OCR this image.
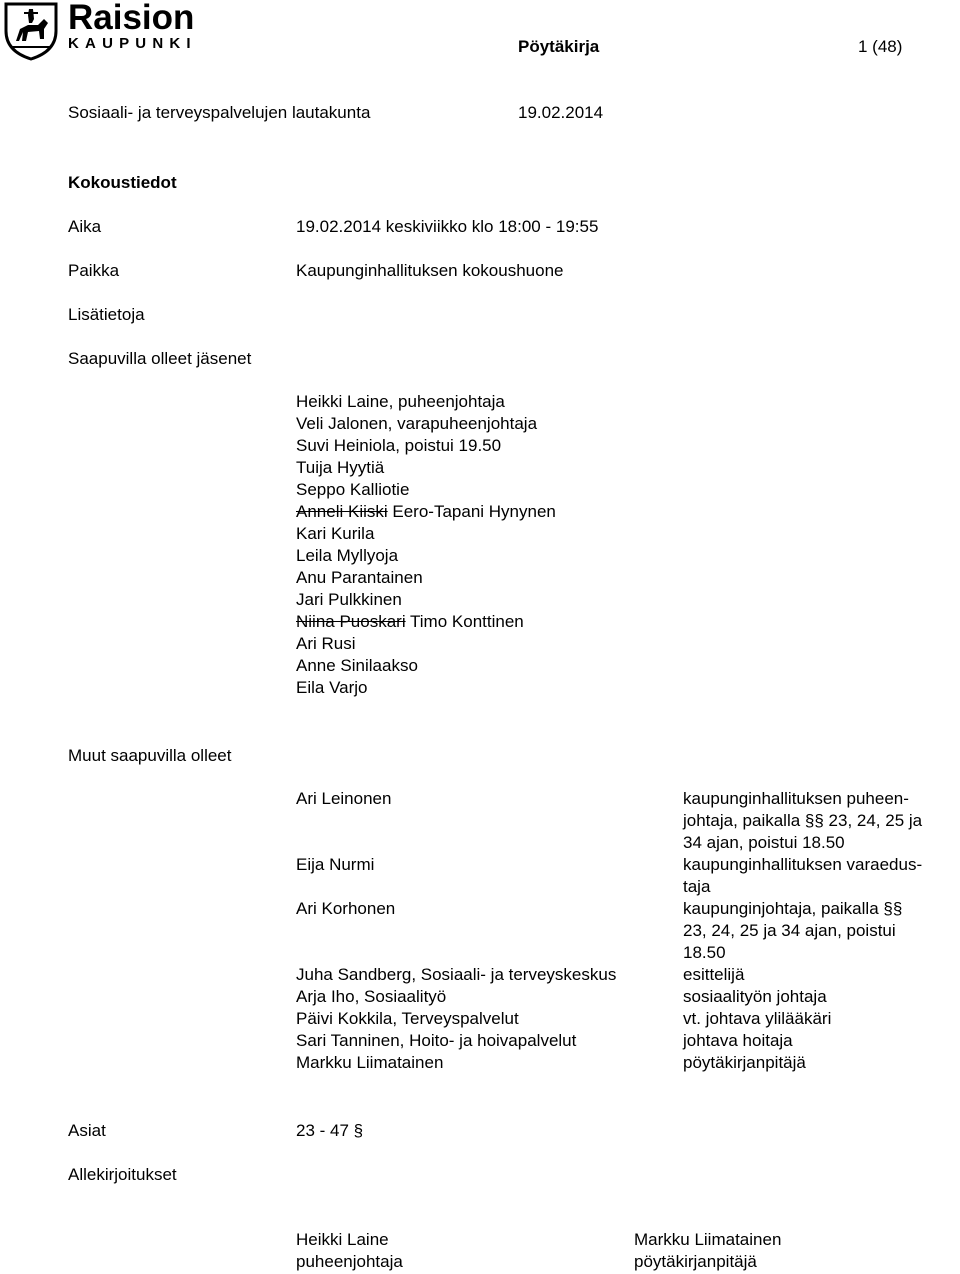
Raision
KAUPUNKI	Pöytäkirja	1 (48)
Sosiaali- ja terveyspalvelujen lautakunta	19.02.2014
Kokoustiedot
Aika	19.02.2014 keskiviikko klo 18:00 - 19:55
Paikka	Kaupunginhallituksen kokoushuone
Lisätietoja
Saapuvilla olleet jäsenet
Heikki Laine, puheenjohtaja
Veli Jalonen, varapuheenjohtaja
Suvi Heiniola, poistui 19.50
Tuija Hyytiä
Seppo Kalliotie
Anneli Kiiski Eero-Tapani Hynynen
Kari Kurila
Leila Myllyoja
Anu Parantainen
Jari Pulkkinen
Niina Puoskari Timo Konttinen
Ari Rusi
Anne Sinilaakso
Eila Varjo
Muut saapuvilla olleet
Ari Leinonen	kaupunginhallituksen puheen-
johtaja, paikalla §§ 23, 24, 25 ja
34 ajan, poistui 18.50
Eija Nurmi	kaupunginhallituksen varaedus-
taja
Ari Korhonen	kaupunginjohtaja, paikalla §§
23, 24, 25 ja 34 ajan, poistui
18.50
Juha Sandberg, Sosiaali- ja terveyskeskus	esittelijä
Arja Iho, Sosiaalityö	sosiaalityön johtaja
Päivi Kokkila, Terveyspalvelut	vt. johtava ylilääkäri
Sari Tanninen, Hoito- ja hoivapalvelut	johtava hoitaja
Markku Liimatainen	pöytäkirjanpitäjä
Asiat	23 - 47 §
Allekirjoitukset
Heikki Laine
puheenjohtaja
Markku Liimatainen
pöytäkirjanpitäjä
